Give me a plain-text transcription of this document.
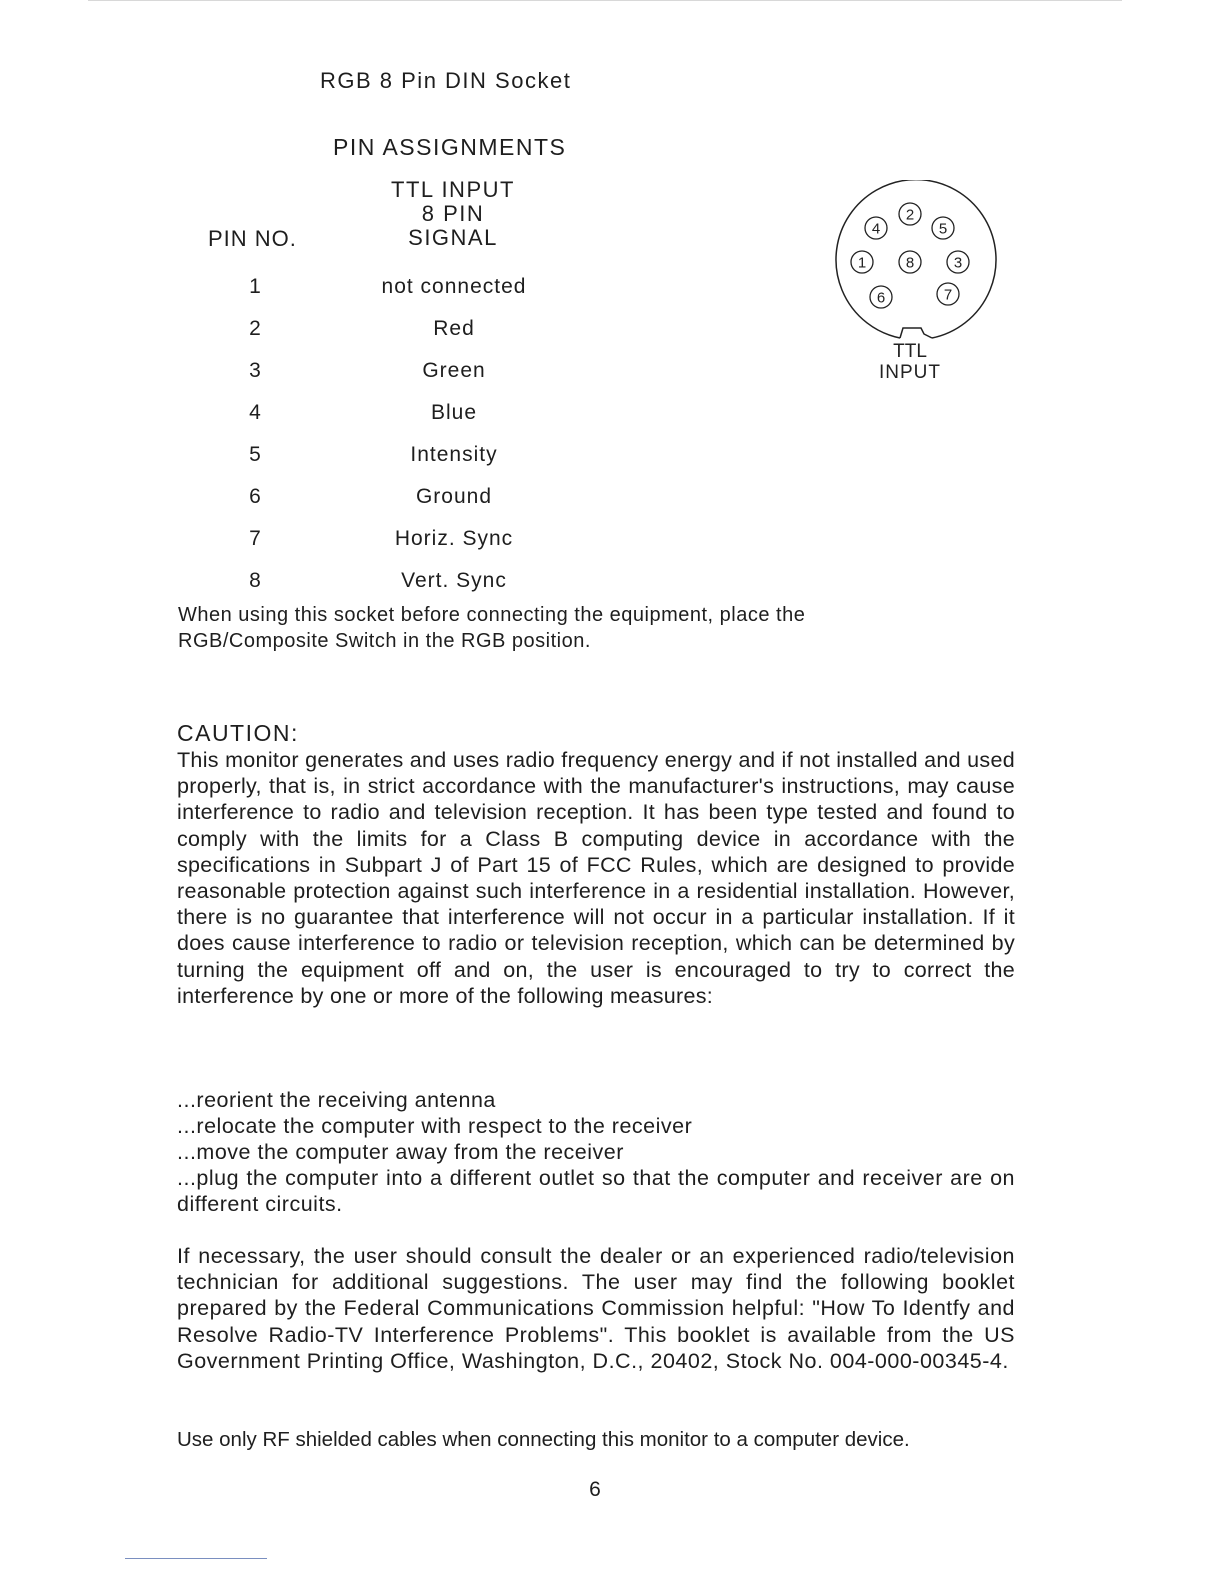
RGB 8 Pin DIN Socket
PIN ASSIGNMENTS
PIN NO.
TTL INPUT
8 PIN
SIGNAL
1	not connected
2	Red
3	Green
4	Blue
5	Intensity
6	Ground
7	Horiz. Sync
8	Vert. Sync
2
4	5
1	8	3
6	7
TTL
INPUT
When using this socket before connecting the equipment, place the RGB/Composite Switch in the RGB position.
CAUTION:
This monitor generates and uses radio frequency energy and if not installed and used properly, that is, in strict accordance with the manufacturer's instructions, may cause interference to radio and television reception. It has been type tested and found to comply with the limits for a Class B computing device in accordance with the specifications in Subpart J of Part 15 of FCC Rules, which are designed to provide reasonable protection against such interference in a residential installation. However, there is no guarantee that interference will not occur in a particular installation. If it does cause interference to radio or television reception, which can be determined by turning the equipment off and on, the user is encouraged to try to correct the interference by one or more of the following measures:
...reorient the receiving antenna
...relocate the computer with respect to the receiver
...move the computer away from the receiver
...plug the computer into a different outlet so that the computer and receiver are on different circuits.
If necessary, the user should consult the dealer or an experienced radio/television technician for additional suggestions. The user may find the following booklet prepared by the Federal Communications Commission helpful: "How To Identfy and Resolve Radio-TV Interference Problems". This booklet is available from the US Government Printing Office, Washington, D.C., 20402, Stock No. 004-000-00345-4.
Use only RF shielded cables when connecting this monitor to a computer device.
6
